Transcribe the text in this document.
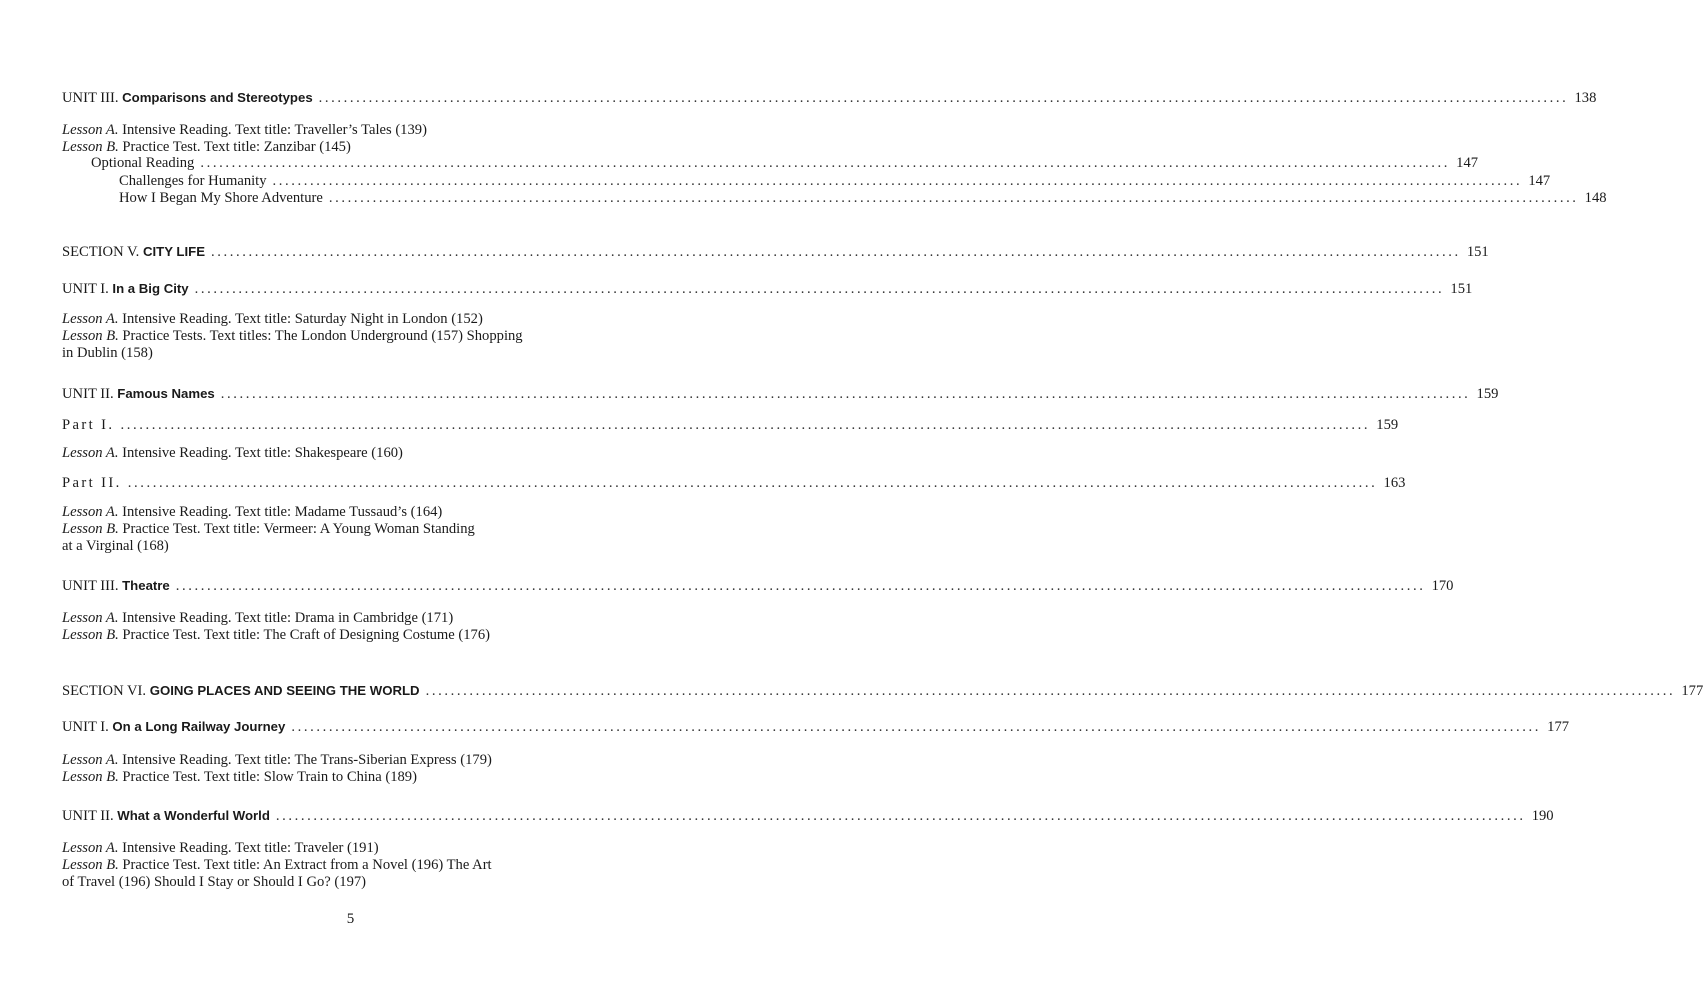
UNIT III. Comparisons and Stereotypes ........................................................................................................................................................................................................ 138
Lesson A. Intensive Reading. Text title: Traveller’s Tales (139)
Lesson B. Practice Test. Text title: Zanzibar (145)
Optional Reading ........................................................................................................................................................................................................ 147
Challenges for Humanity ........................................................................................................................................................................................................ 147
How I Began My Shore Adventure ........................................................................................................................................................................................................ 148
SECTION V. CITY LIFE ........................................................................................................................................................................................................ 151
UNIT I. In a Big City ........................................................................................................................................................................................................ 151
Lesson A. Intensive Reading. Text title: Saturday Night in London (152)
Lesson B. Practice Tests. Text titles: The London Underground (157) Shopping
in Dublin (158)
UNIT II. Famous Names ........................................................................................................................................................................................................ 159
Part I. ........................................................................................................................................................................................................ 159
Lesson A. Intensive Reading. Text title: Shakespeare (160)
Part II. ........................................................................................................................................................................................................ 163
Lesson A. Intensive Reading. Text title: Madame Tussaud’s (164)
Lesson B. Practice Test. Text title: Vermeer: A Young Woman Standing
at a Virginal (168)
UNIT III. Theatre ........................................................................................................................................................................................................ 170
Lesson A. Intensive Reading. Text title: Drama in Cambridge (171)
Lesson B. Practice Test. Text title: The Craft of Designing Costume (176)
SECTION VI. GOING PLACES AND SEEING THE WORLD ........................................................................................................................................................................................................ 177
UNIT I. On a Long Railway Journey ........................................................................................................................................................................................................ 177
Lesson A. Intensive Reading. Text title: The Trans-Siberian Express (179)
Lesson B. Practice Test. Text title: Slow Train to China (189)
UNIT II. What a Wonderful World ........................................................................................................................................................................................................ 190
Lesson A. Intensive Reading. Text title: Traveler (191)
Lesson B. Practice Test. Text title: An Extract from a Novel (196) The Art
of Travel (196) Should I Stay or Should I Go? (197)
5
